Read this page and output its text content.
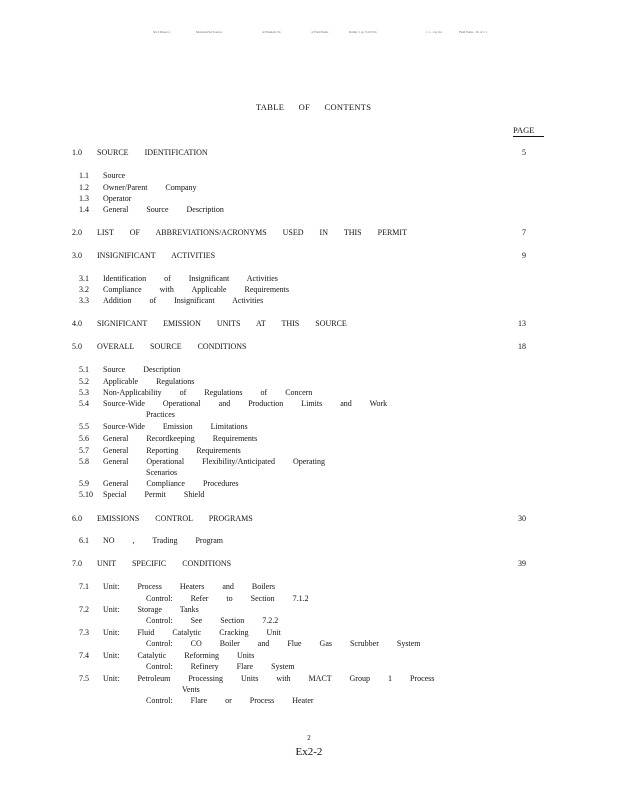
SO 4 Director	Montana Fed Sources	of Prismatic No	of Field Name	Permit: 1 sp 714 65 No	1 1 - 1 sp 1in	Field Name - No of 1 1
TABLE OF CONTENTS
PAGE
1.0 SOURCE IDENTIFICATION	5
1.1 Source
1.2 Owner/Parent Company
1.3 Operator
1.4 General Source Description
2.0 LIST OF ABBREVIATIONS/ACRONYMS USED IN THIS PERMIT	7
3.0 INSIGNIFICANT ACTIVITIES	9
3.1 Identification of Insignificant Activities
3.2 Compliance with Applicable Requirements
3.3 Addition of Insignificant Activities
4.0 SIGNIFICANT EMISSION UNITS AT THIS SOURCE	13
5.0 OVERALL SOURCE CONDITIONS	18
5.1 Source Description
5.2 Applicable Regulations
5.3 Non-Applicability of Regulations of Concern
5.4 Source-Wide Operational and Production Limits and Work
Practices
5.5 Source-Wide Emission Limitations
5.6 General Recordkeeping Requirements
5.7 General Reporting Requirements
5.8 General Operational Flexibility/Anticipated Operating
Scenarios
5.9 General Compliance Procedures
5.10 Special Permit Shield
6.0 EMISSIONS CONTROL PROGRAMS	30
6.1 NO , Trading Program
7.0 UNIT SPECIFIC CONDITIONS	39
7.1 Unit: Process Heaters and Boilers
Control: Refer to Section 7.1.2
7.2 Unit: Storage Tanks
Control: See Section 7.2.2
7.3 Unit: Fluid Catalytic Cracking Unit
Control: CO Boiler and Flue Gas Scrubber System
7.4 Unit: Catalytic Reforming Units
Control: Refinery Flare System
7.5 Unit: Petroleum Processing Units with MACT Group 1 Process
Vents
Control: Flare or Process Heater
2
Ex2-2
